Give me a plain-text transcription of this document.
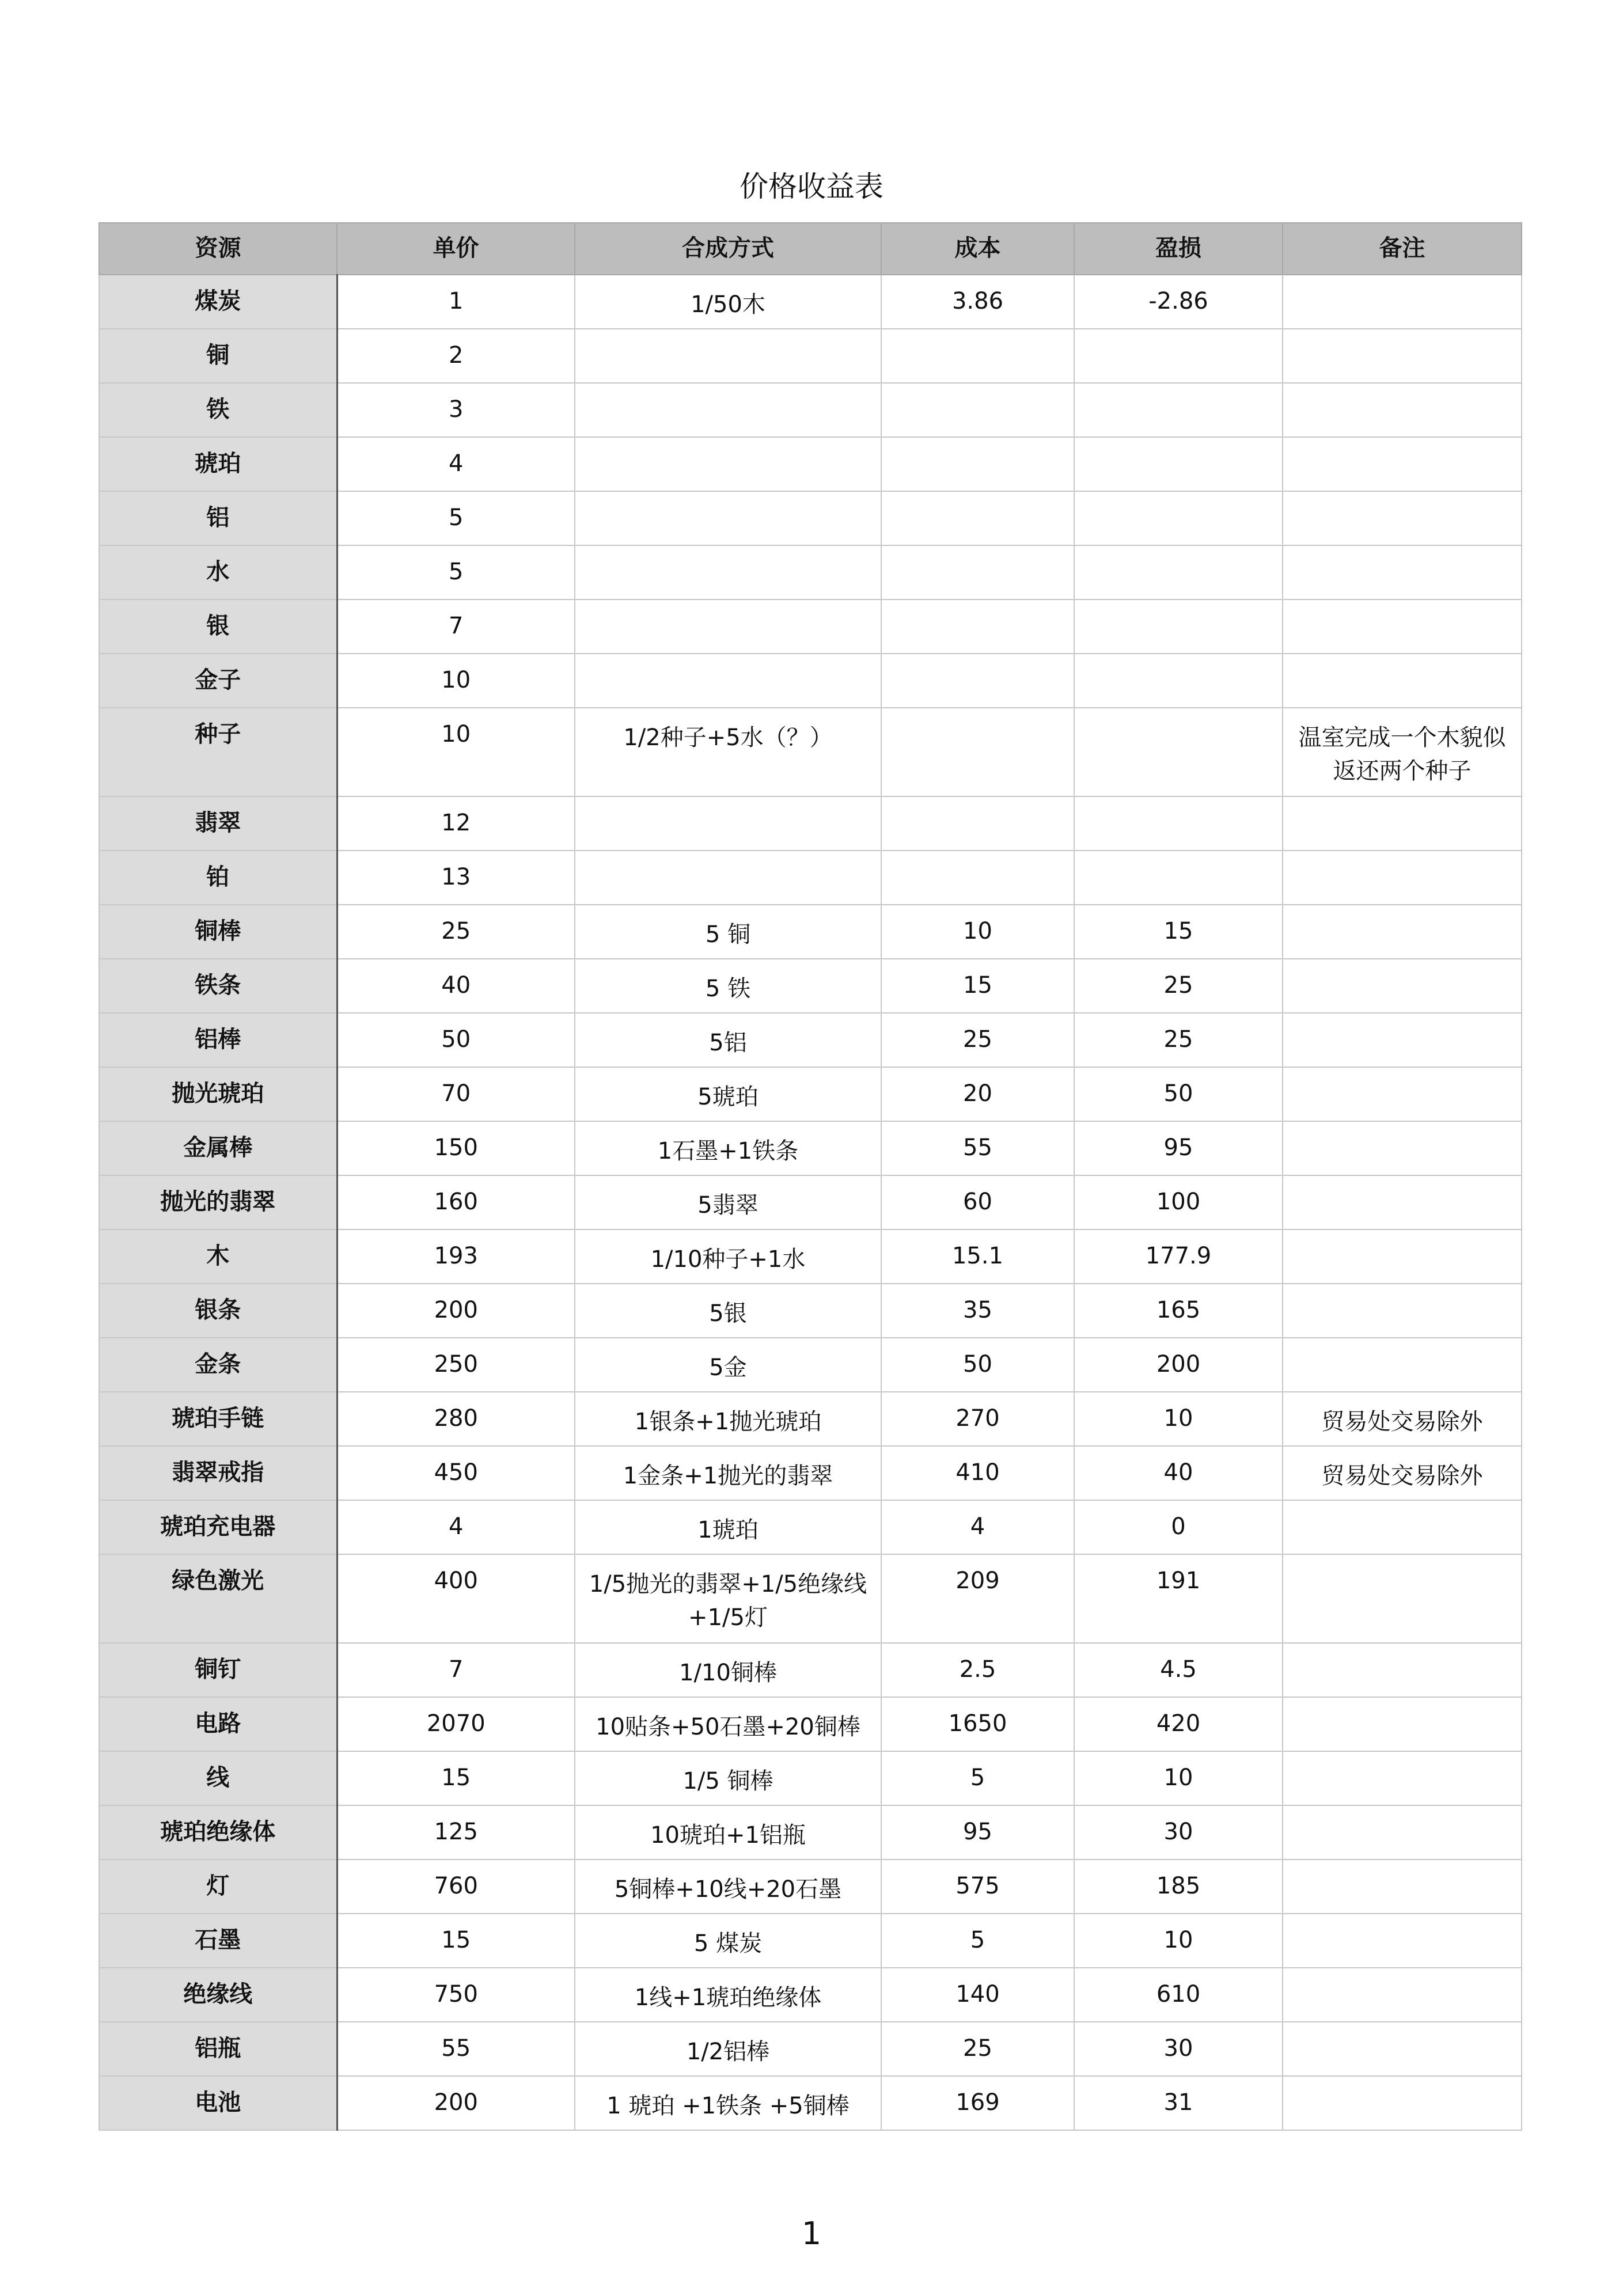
价格收益表
资源	单价	合成方式	成本	盈损	备注
煤炭	1	1/50木	3.86	-2.86	
铜	2				
铁	3				
琥珀	4				
铝	5				
水	5				
银	7				
金子	10				
种子	10	1/2种子+5水（？）			温室完成一个木貌似返还两个种子
翡翠	12				
铂	13				
铜棒	25	5 铜	10	15	
铁条	40	5 铁	15	25	
铝棒	50	5铝	25	25	
抛光琥珀	70	5琥珀	20	50	
金属棒	150	1石墨+1铁条	55	95	
抛光的翡翠	160	5翡翠	60	100	
木	193	1/10种子+1水	15.1	177.9	
银条	200	5银	35	165	
金条	250	5金	50	200	
琥珀手链	280	1银条+1抛光琥珀	270	10	贸易处交易除外
翡翠戒指	450	1金条+1抛光的翡翠	410	40	贸易处交易除外
琥珀充电器	4	1琥珀	4	0	
绿色激光	400	1/5抛光的翡翠+1/5绝缘线+1/5灯	209	191	
铜钉	7	1/10铜棒	2.5	4.5	
电路	2070	10贴条+50石墨+20铜棒	1650	420	
线	15	1/5 铜棒	5	10	
琥珀绝缘体	125	10琥珀+1铝瓶	95	30	
灯	760	5铜棒+10线+20石墨	575	185	
石墨	15	5 煤炭	5	10	
绝缘线	750	1线+1琥珀绝缘体	140	610	
铝瓶	55	1/2铝棒	25	30	
电池	200	1 琥珀 +1铁条 +5铜棒	169	31	
1
